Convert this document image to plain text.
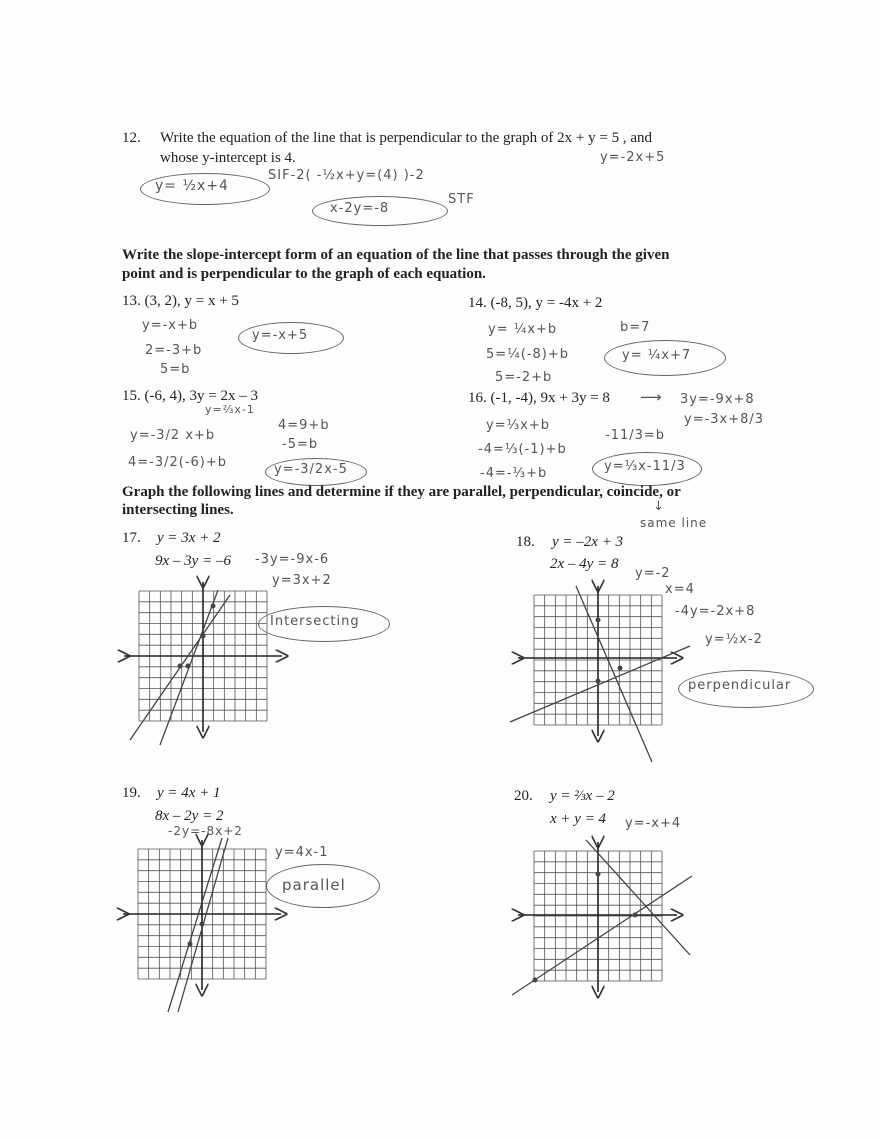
12. Write the equation of the line that is perpendicular to the graph of 2x + y = 5 , and
whose y-intercept is 4.	y=-2x+5
y= ½x+4
SIF-2( -½x+y=(4) )-2
x-2y=-8
STF
Write the slope-intercept form of an equation of the line that passes through the given
point and is perpendicular to the graph of each equation.
13. (3, 2), y = x + 5
y=-x+b
2=-3+b
5=b
y=-x+5
14. (-8, 5), y = -4x + 2
y= ¼x+b
5=¼(-8)+b
5=-2+b
b=7
y= ¼x+7
15. (-6, 4), 3y = 2x – 3
y=⅔x-1
y=-3/2 x+b
4=-3/2(-6)+b
4=9+b
-5=b
y=-3/2x-5
16. (-1, -4), 9x + 3y = 8 ⟶ 3y=-9x+8
y=-3x+8/3
y=⅓x+b
-4=⅓(-1)+b
-4=-⅓+b
-11/3=b
y=⅓x-11/3
Graph the following lines and determine if they are parallel, perpendicular, coincide, or
intersecting lines.	↓
same line
17. y = 3x + 2
9x – 3y = –6 -3y=-9x-6
y=3x+2
Intersecting
18. y = –2x + 3
2x – 4y = 8
y=-2
x=4
-4y=-2x+8
y=½x-2
perpendicular
19. y = 4x + 1
8x – 2y = 2
-2y=-8x+2
y=4x-1
parallel
20. y = ⅔x – 2
x + y = 4 y=-x+4
